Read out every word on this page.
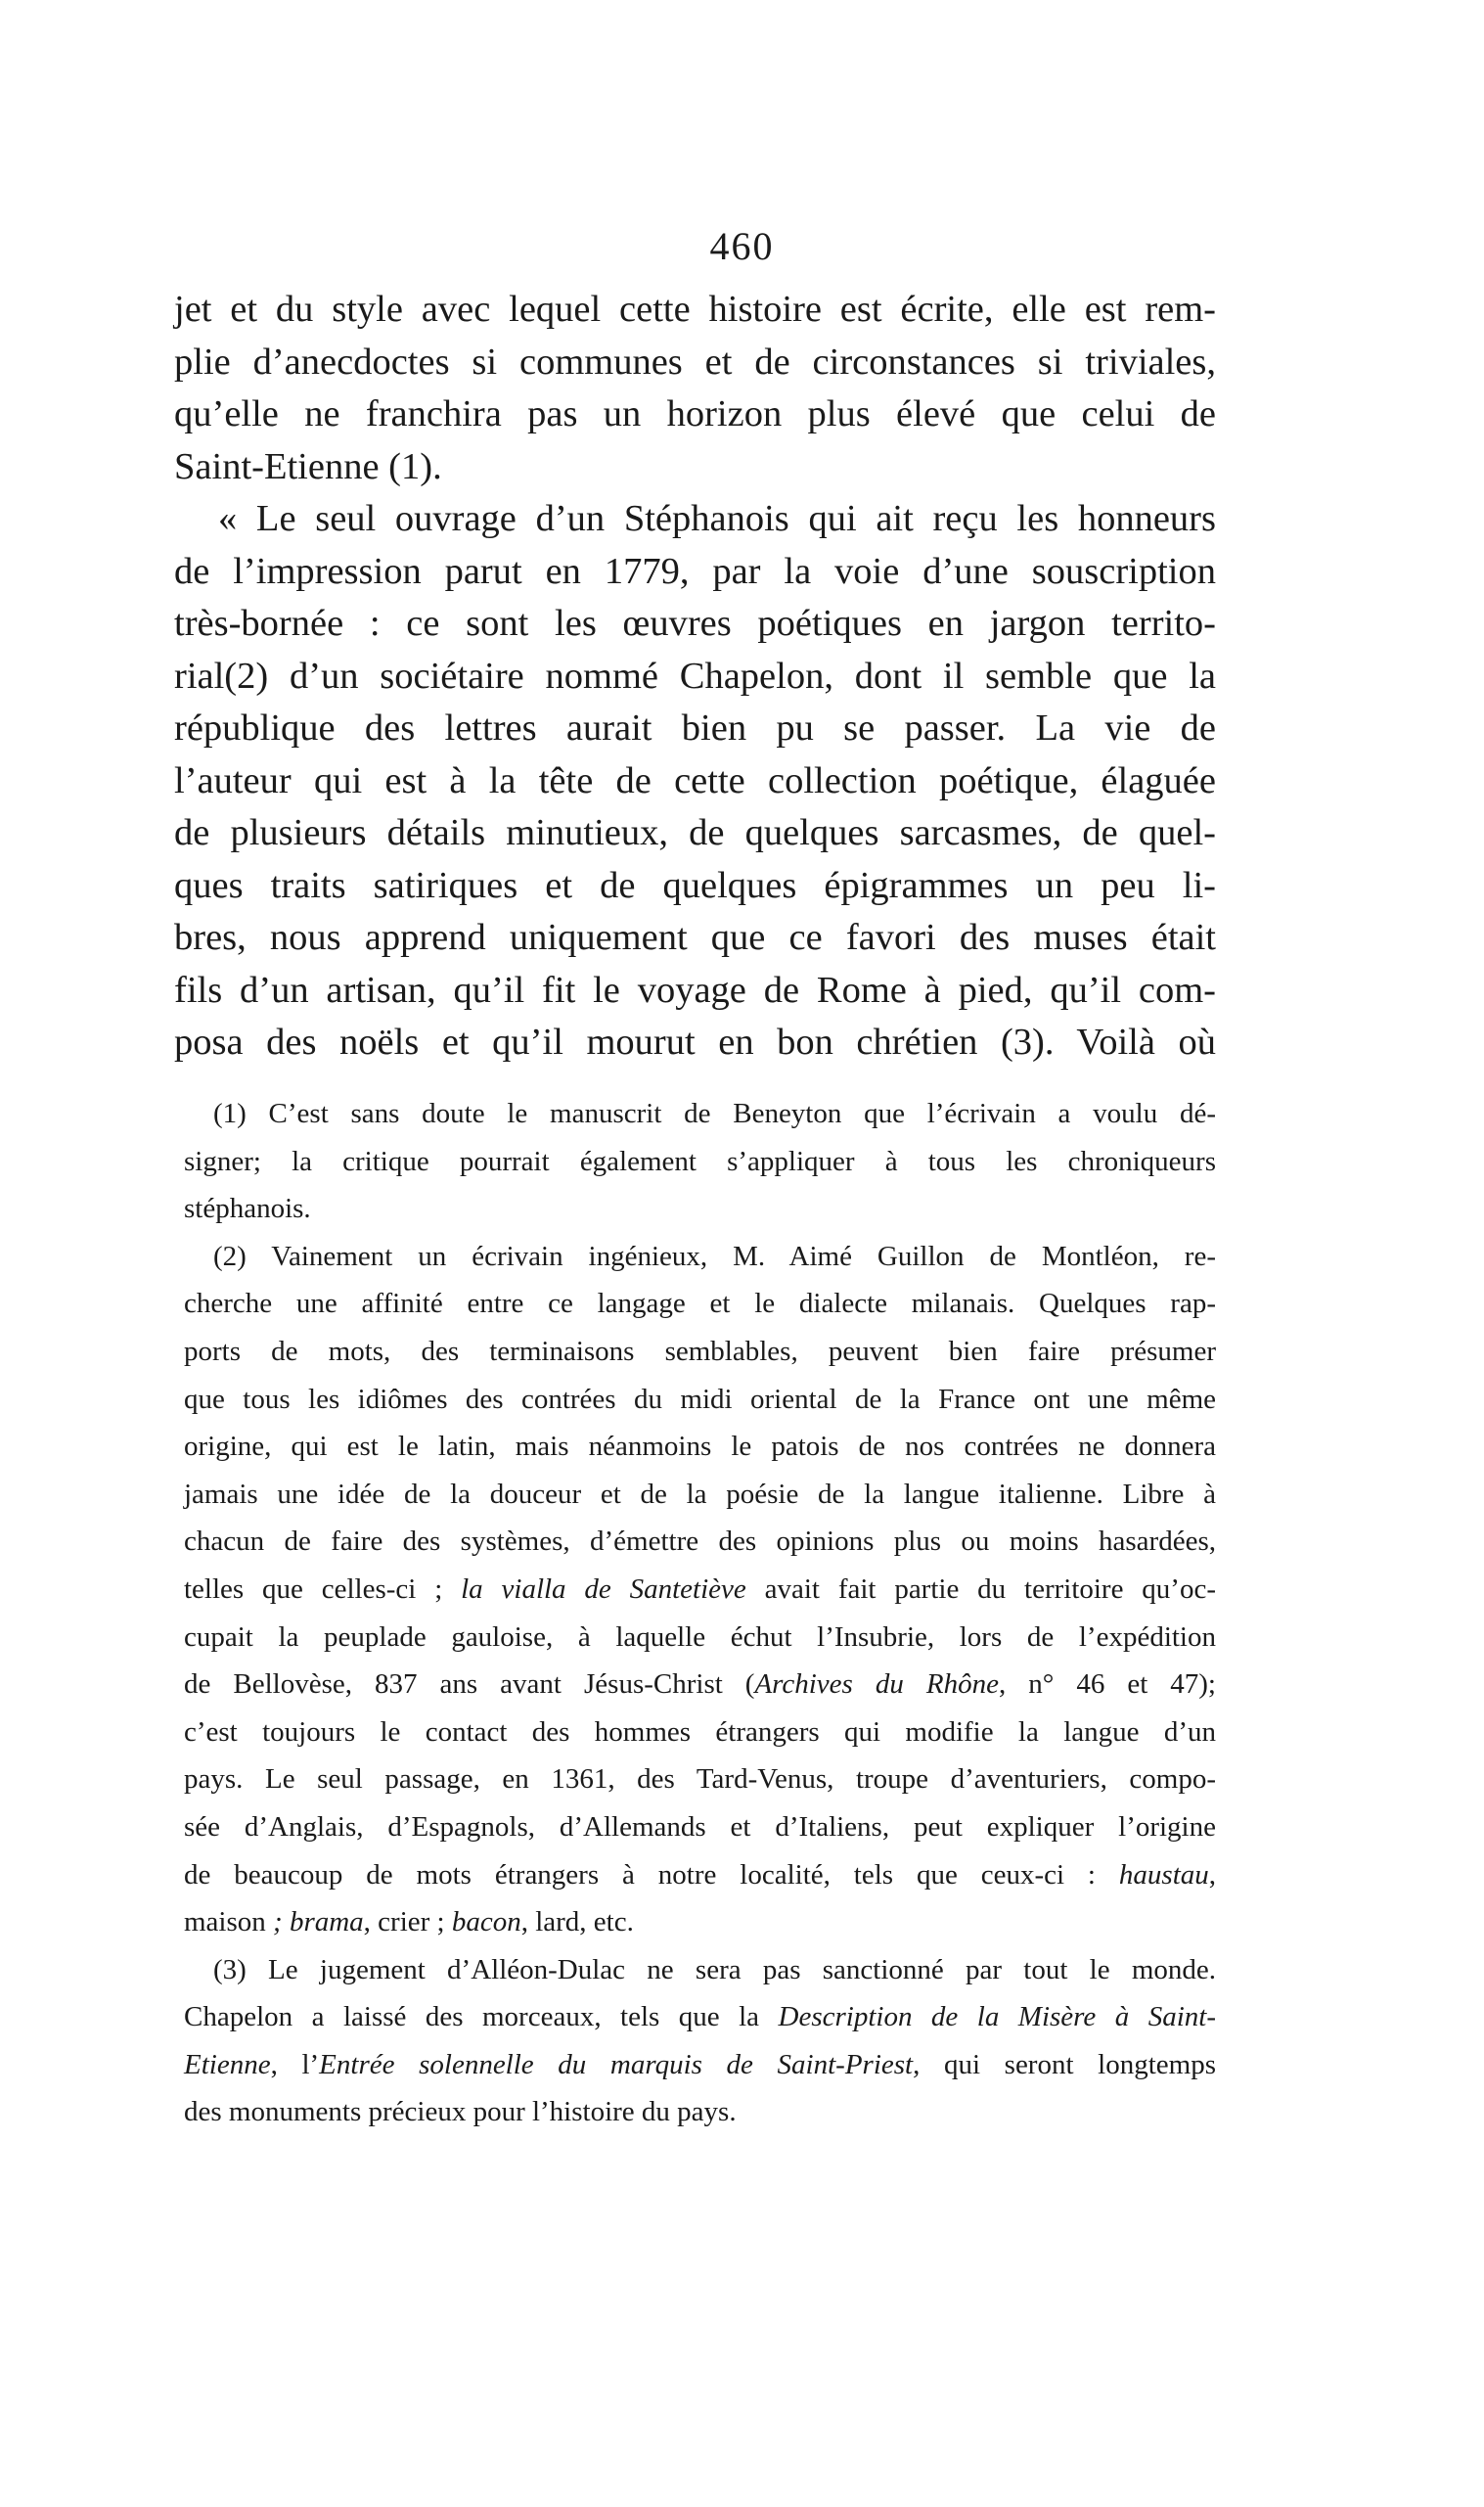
460
jet et du style avec lequel cette histoire est écrite, elle est rem-
plie d’anecdoctes si communes et de circonstances si triviales,
qu’elle ne franchira pas un horizon plus élevé que celui de
Saint-Etienne (1).
« Le seul ouvrage d’un Stéphanois qui ait reçu les honneurs
de l’impression parut en 1779, par la voie d’une souscription
très-bornée : ce sont les œuvres poétiques en jargon territo-
rial(2) d’un sociétaire nommé Chapelon, dont il semble que la
république des lettres aurait bien pu se passer. La vie de
l’auteur qui est à la tête de cette collection poétique, élaguée
de plusieurs détails minutieux, de quelques sarcasmes, de quel-
ques traits satiriques et de quelques épigrammes un peu li-
bres, nous apprend uniquement que ce favori des muses était
fils d’un artisan, qu’il fit le voyage de Rome à pied, qu’il com-
posa des noëls et qu’il mourut en bon chrétien (3). Voilà où
(1) C’est sans doute le manuscrit de Beneyton que l’écrivain a voulu dé-
signer; la critique pourrait également s’appliquer à tous les chroniqueurs
stéphanois.
(2) Vainement un écrivain ingénieux, M. Aimé Guillon de Montléon, re-
cherche une affinité entre ce langage et le dialecte milanais. Quelques rap-
ports de mots, des terminaisons semblables, peuvent bien faire présumer
que tous les idiômes des contrées du midi oriental de la France ont une même
origine, qui est le latin, mais néanmoins le patois de nos contrées ne donnera
jamais une idée de la douceur et de la poésie de la langue italienne. Libre à
chacun de faire des systèmes, d’émettre des opinions plus ou moins hasardées,
telles que celles-ci ; la vialla de Santetiève avait fait partie du territoire qu’oc-
cupait la peuplade gauloise, à laquelle échut l’Insubrie, lors de l’expédition
de Bellovèse, 837 ans avant Jésus-Christ (Archives du Rhône, n° 46 et 47);
c’est toujours le contact des hommes étrangers qui modifie la langue d’un
pays. Le seul passage, en 1361, des Tard-Venus, troupe d’aventuriers, compo-
sée d’Anglais, d’Espagnols, d’Allemands et d’Italiens, peut expliquer l’origine
de beaucoup de mots étrangers à notre localité, tels que ceux-ci : haustau,
maison ; brama, crier ; bacon, lard, etc.
(3) Le jugement d’Alléon-Dulac ne sera pas sanctionné par tout le monde.
Chapelon a laissé des morceaux, tels que la Description de la Misère à Saint-
Etienne, l’Entrée solennelle du marquis de Saint-Priest, qui seront longtemps
des monuments précieux pour l’histoire du pays.
